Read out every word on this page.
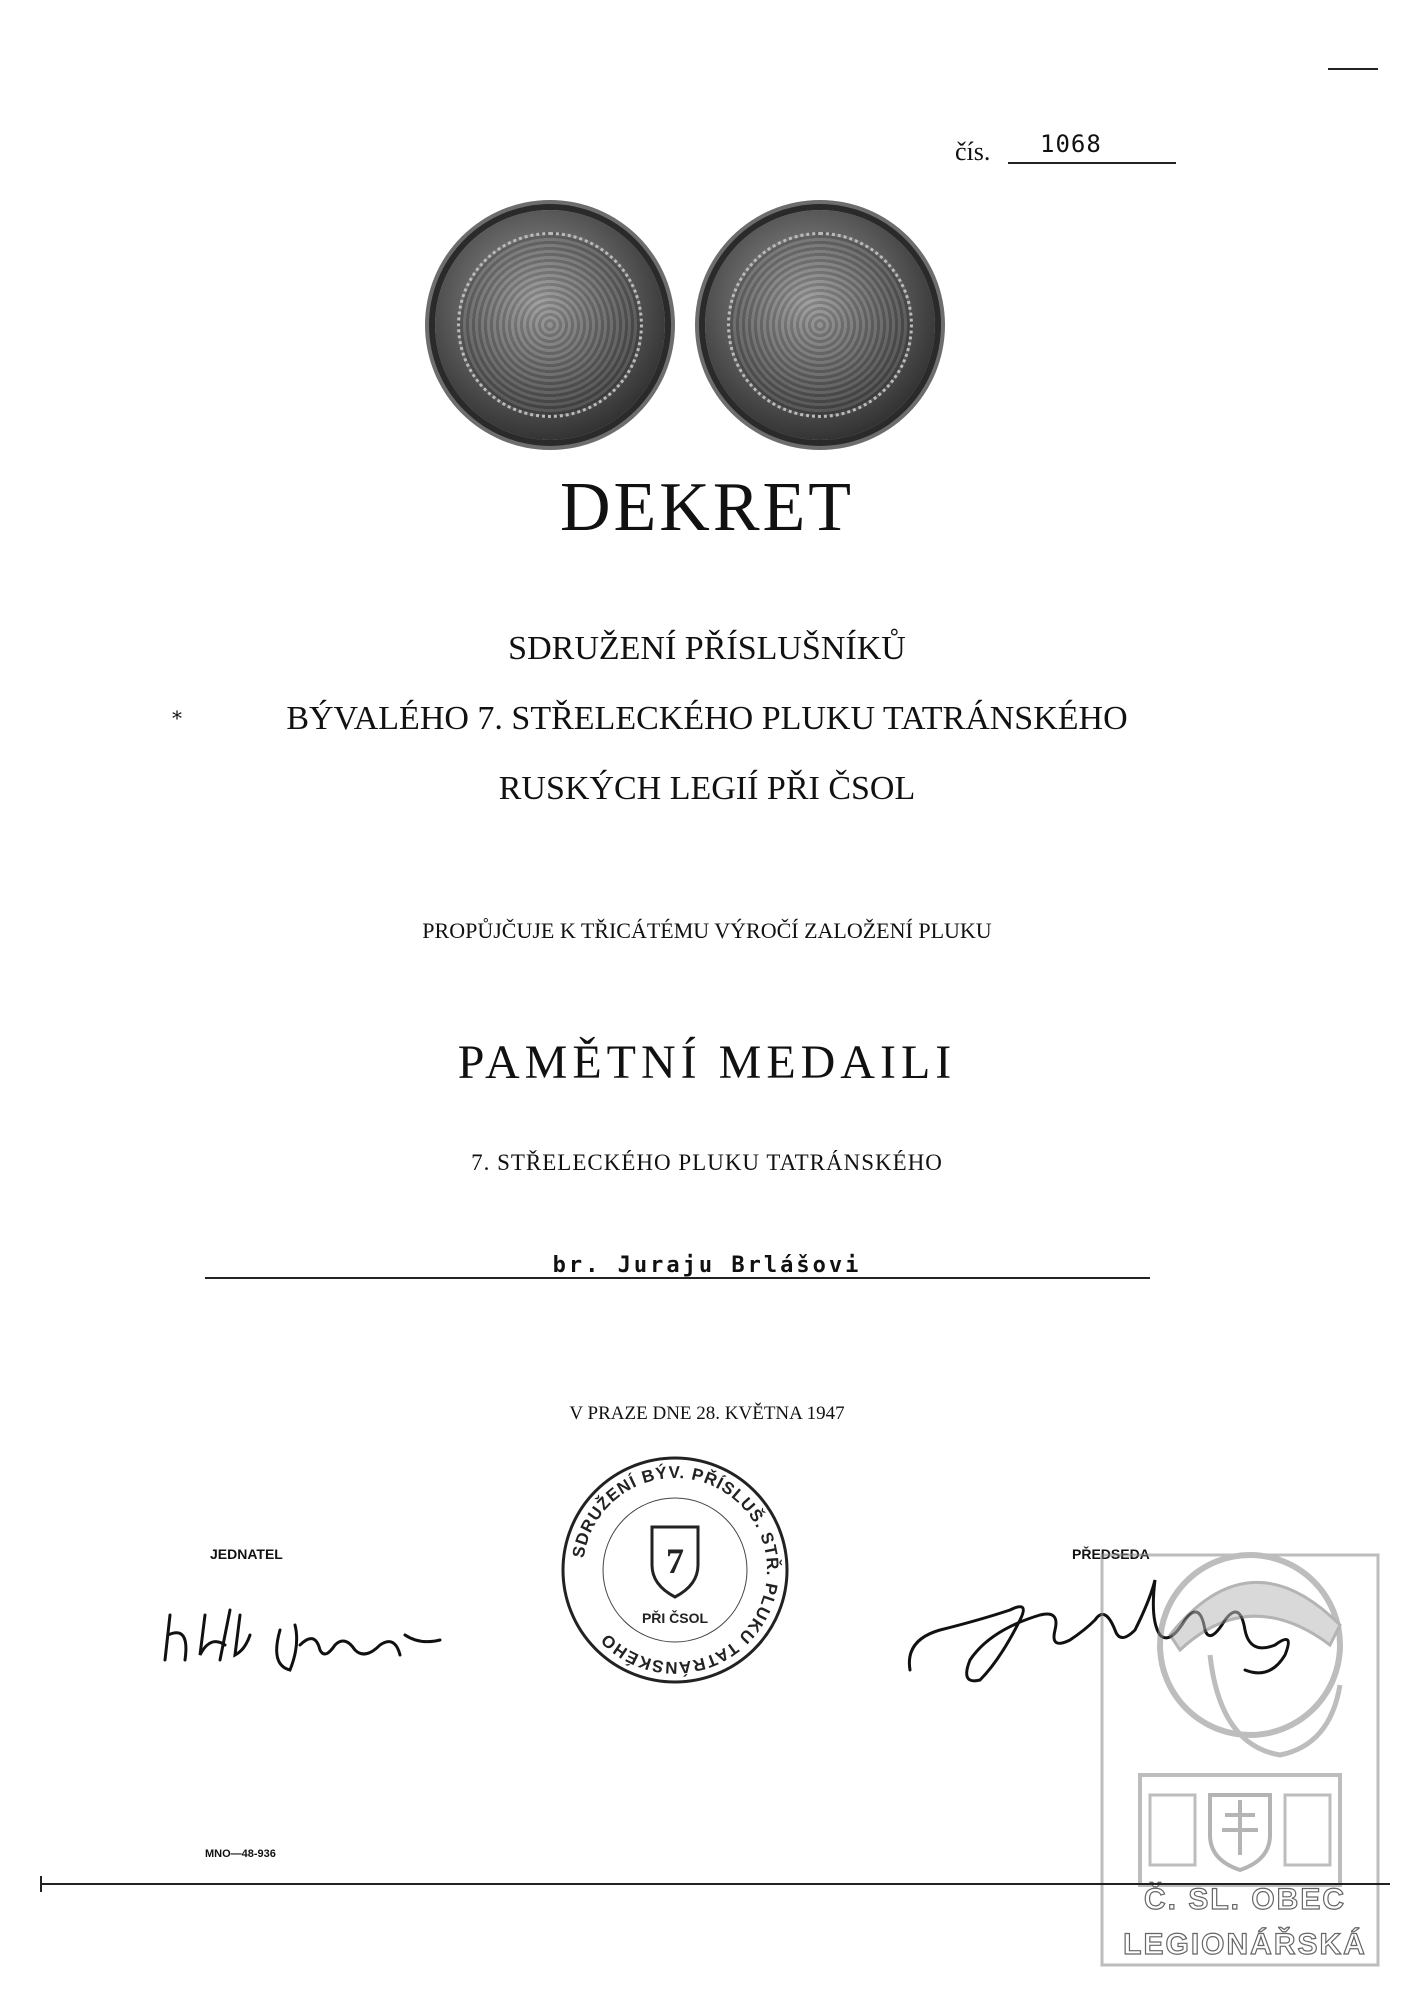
čís. 1068
DEKRET
*
SDRUŽENÍ PŘÍSLUŠNÍKŮ
BÝVALÉHO 7. STŘELECKÉHO PLUKU TATRÁNSKÉHO
RUSKÝCH LEGIÍ PŘI ČSOL
PROPŮJČUJE K TŘICÁTÉMU VÝROČÍ ZALOŽENÍ PLUKU
PAMĚTNÍ MEDAILI
7. STŘELECKÉHO PLUKU TATRÁNSKÉHO
br. Juraju Brlášovi
V PRAZE DNE 28. KVĚTNA 1947
SDRUŽENÍ BÝV. PŘÍSLUŠ. STŘ. PLUKU TATRÁNSKÉHO
7
PŘI ČSOL
JEDNATEL	PŘEDSEDA
Č. SL. OBEC
LEGIONÁŘSKÁ
MNO—48-936
